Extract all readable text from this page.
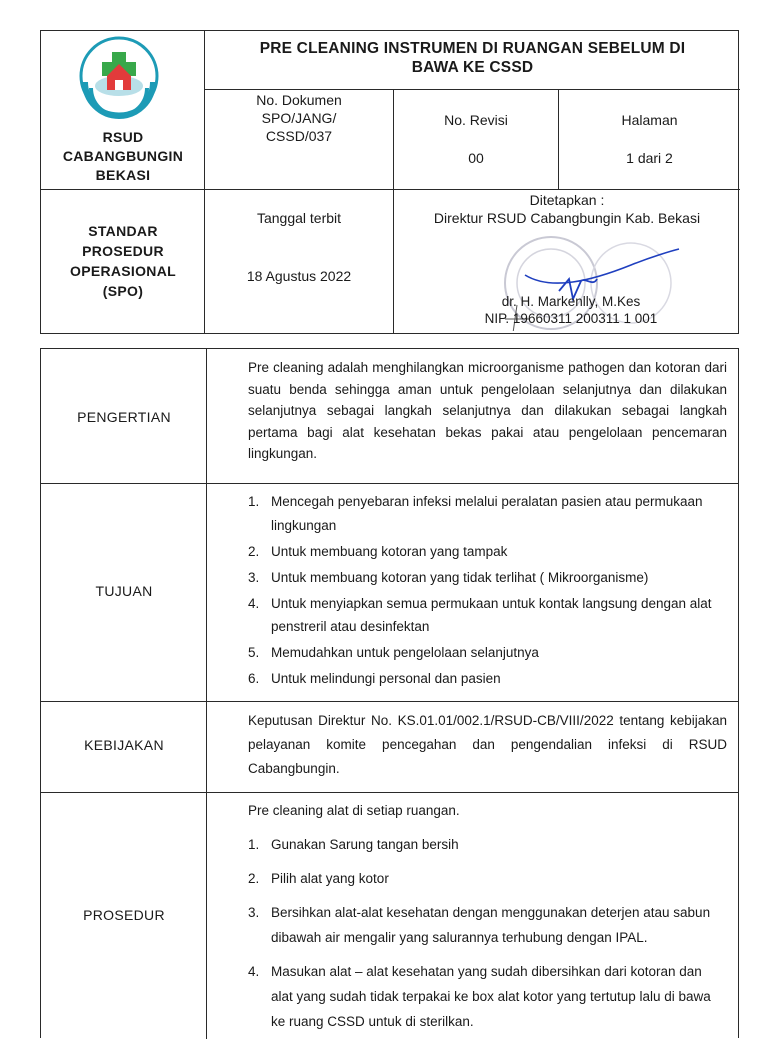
RSUD
CABANGBUNGIN
BEKASI
PRE CLEANING INSTRUMEN DI RUANGAN SEBELUM DI
BAWA KE CSSD
No. Dokumen
SPO/JANG/
CSSD/037
No. Revisi
00
Halaman
1 dari 2
STANDAR
PROSEDUR
OPERASIONAL
(SPO)
Tanggal terbit
18 Agustus 2022
Ditetapkan :
Direktur RSUD Cabangbungin Kab. Bekasi
dr. H. Markenlly, M.Kes
NIP. 19660311 200311 1 001
PENGERTIAN

Pre cleaning adalah menghilangkan microorganisme pathogen dan kotoran dari suatu benda sehingga aman untuk pengelolaan selanjutnya dan dilakukan selanjutnya sebagai langkah selanjutnya dan dilakukan sebagai langkah pertama bagi alat kesehatan bekas pakai atau pengelolaan pencemaran lingkungan.

TUJUAN
1. Mencegah penyebaran infeksi melalui peralatan pasien atau permukaan lingkungan
2. Untuk membuang kotoran yang tampak
3. Untuk membuang kotoran yang tidak terlihat ( Mikroorganisme)
4. Untuk menyiapkan semua permukaan untuk kontak langsung dengan alat penstreril atau desinfektan
5. Memudahkan untuk pengelolaan selanjutnya
6. Untuk melindungi personal dan pasien
KEBIJAKAN

Keputusan Direktur No. KS.01.01/002.1/RSUD-CB/VIII/2022 tentang kebijakan pelayanan komite pencegahan dan pengendalian infeksi di RSUD Cabangbungin.

PROSEDUR

Pre cleaning alat di setiap ruangan.

1. Gunakan Sarung tangan bersih
2. Pilih alat yang kotor
3. Bersihkan alat-alat kesehatan dengan menggunakan deterjen atau sabun dibawah air mengalir yang salurannya terhubung dengan IPAL.
4. Masukan alat – alat kesehatan yang sudah dibersihkan dari kotoran dan alat yang sudah tidak terpakai ke box alat kotor yang tertutup lalu di bawa ke ruang CSSD untuk di sterilkan.
